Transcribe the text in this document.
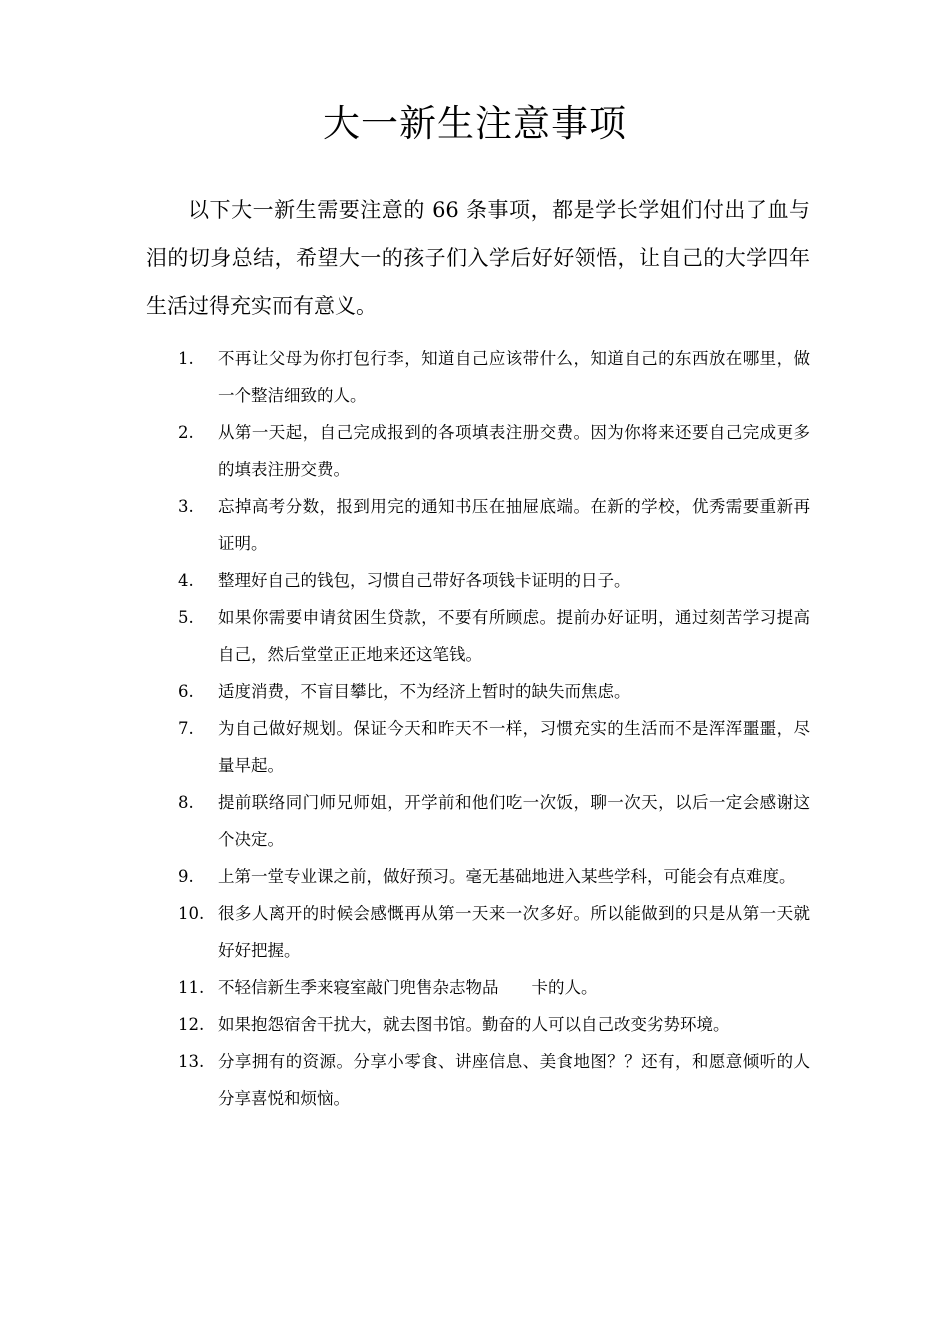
大一新生注意事项

以下大一新生需要注意的 66 条事项，都是学长学姐们付出了血与泪的切身总结，希望大一的孩子们入学后好好领悟，让自己的大学四年生活过得充实而有意义。

1.	不再让父母为你打包行李，知道自己应该带什么，知道自己的东西放在哪里，做一个整洁细致的人。
2.	从第一天起，自己完成报到的各项填表注册交费。因为你将来还要自己完成更多的填表注册交费。
3.	忘掉高考分数，报到用完的通知书压在抽屉底端。在新的学校，优秀需要重新再证明。
4.	整理好自己的钱包，习惯自己带好各项钱卡证明的日子。
5.	如果你需要申请贫困生贷款，不要有所顾虑。提前办好证明，通过刻苦学习提高自己，然后堂堂正正地来还这笔钱。
6.	适度消费，不盲目攀比，不为经济上暂时的缺失而焦虑。
7.	为自己做好规划。保证今天和昨天不一样，习惯充实的生活而不是浑浑噩噩，尽量早起。
8.	提前联络同门师兄师姐，开学前和他们吃一次饭，聊一次天，以后一定会感谢这个决定。
9.	上第一堂专业课之前，做好预习。毫无基础地进入某些学科，可能会有点难度。
10. 很多人离开的时候会感慨再从第一天来一次多好。所以能做到的只是从第一天就好好把握。
11. 不轻信新生季来寝室敲门兜售杂志物品　　卡的人。
12. 如果抱怨宿舍干扰大，就去图书馆。勤奋的人可以自己改变劣势环境。
13. 分享拥有的资源。分享小零食、讲座信息、美食地图？？还有，和愿意倾听的人分享喜悦和烦恼。
